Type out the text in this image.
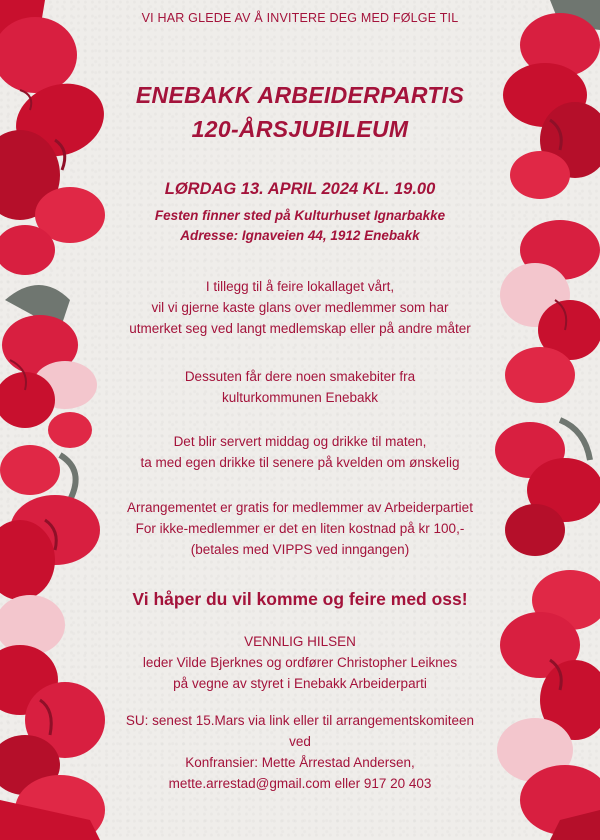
VI HAR GLEDE AV Å INVITERE DEG MED FØLGE TIL
ENEBAKK ARBEIDERPARTIS
120-ÅRSJUBILEUM
LØRDAG 13. APRIL 2024 KL. 19.00
Festen finner sted på Kulturhuset Ignarbakke
Adresse: Ignaveien 44, 1912 Enebakk
I tillegg til å feire lokallaget vårt,
vil vi gjerne kaste glans over medlemmer som har
utmerket seg ved langt medlemskap eller på andre måter
Dessuten får dere noen smakebiter fra
kulturkommunen Enebakk
Det blir servert middag og drikke til maten,
ta med egen drikke til senere på kvelden om ønskelig
Arrangementet er gratis for medlemmer av Arbeiderpartiet
For ikke-medlemmer er det en liten kostnad på kr 100,-
(betales med VIPPS ved inngangen)
Vi håper du vil komme og feire med oss!
VENNLIG HILSEN
leder Vilde Bjerknes og ordfører Christopher Leiknes
på vegne av styret i Enebakk Arbeiderparti
SU: senest 15.Mars via link eller til arrangementskomiteen
ved
Konfransier: Mette Årrestad Andersen,
mette.arrestad@gmail.com eller 917 20 403
